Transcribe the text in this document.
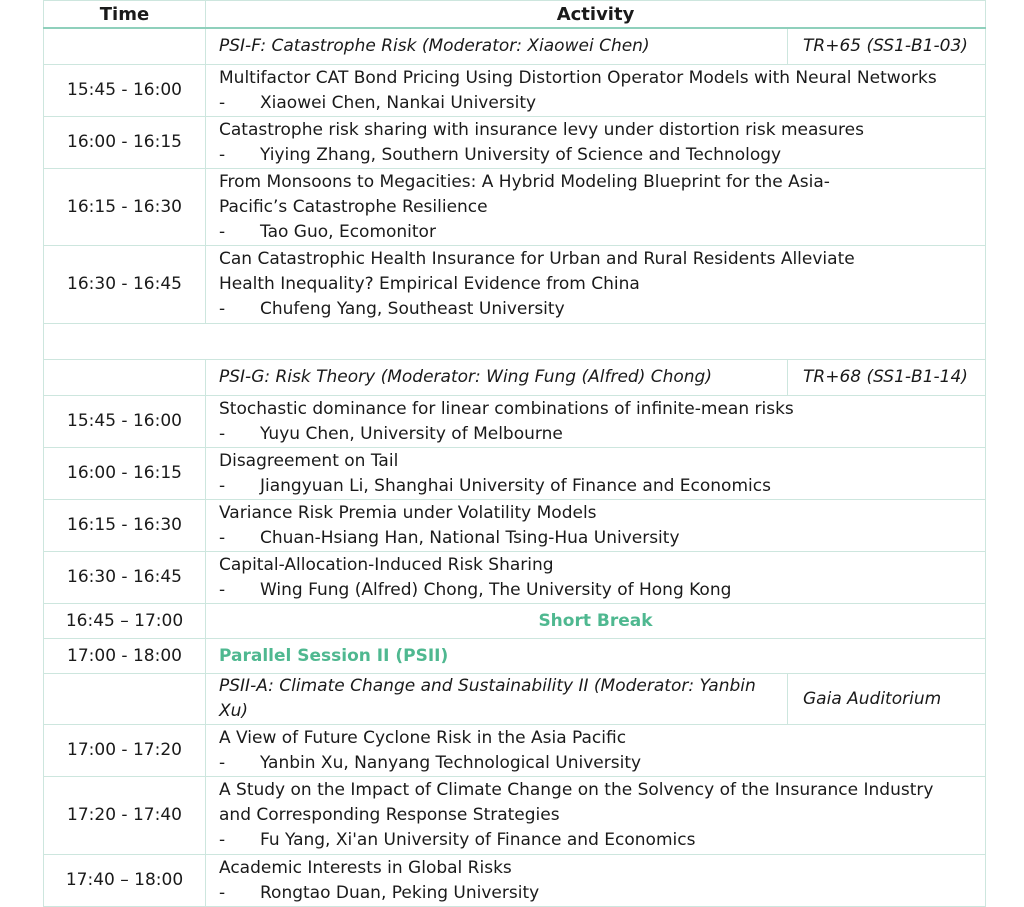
Time	Activity	
	PSI-F: Catastrophe Risk (Moderator: Xiaowei Chen)	TR+65 (SS1-B1-03)
15:45 - 16:00	Multifactor CAT Bond Pricing Using Distortion Operator Models with Neural Networks
- Xiaowei Chen, Nankai University	

16:00 - 16:15	Catastrophe risk sharing with insurance levy under distortion risk measures
- Yiying Zhang, Southern University of Science and Technology	

16:15 - 16:30	From Monsoons to Megacities: A Hybrid Modeling Blueprint for the Asia-Pacific’s Catastrophe Resilience
- Tao Guo, Ecomonitor	

16:30 - 16:45	Can Catastrophic Health Insurance for Urban and Rural Residents Alleviate Health Inequality? Empirical Evidence from China
- Chufeng Yang, Southeast University	

	PSI-G: Risk Theory (Moderator: Wing Fung (Alfred) Chong)	TR+68 (SS1-B1-14)
15:45 - 16:00	Stochastic dominance for linear combinations of infinite-mean risks
- Yuyu Chen, University of Melbourne	

16:00 - 16:15	Disagreement on Tail
- Jiangyuan Li, Shanghai University of Finance and Economics	

16:15 - 16:30	Variance Risk Premia under Volatility Models
- Chuan-Hsiang Han, National Tsing-Hua University	

16:30 - 16:45	Capital-Allocation-Induced Risk Sharing
- Wing Fung (Alfred) Chong, The University of Hong Kong	

16:45 – 17:00	Short Break	
17:00 - 18:00	Parallel Session II (PSII)	
	PSII-A: Climate Change and Sustainability II (Moderator: Yanbin Xu)	Gaia Auditorium
17:00 - 17:20	A View of Future Cyclone Risk in the Asia Pacific
- Yanbin Xu, Nanyang Technological University	

17:20 - 17:40	A Study on the Impact of Climate Change on the Solvency of the Insurance Industry and Corresponding Response Strategies
- Fu Yang, Xi'an University of Finance and Economics	

17:40 – 18:00	Academic Interests in Global Risks
- Rongtao Duan, Peking University	
